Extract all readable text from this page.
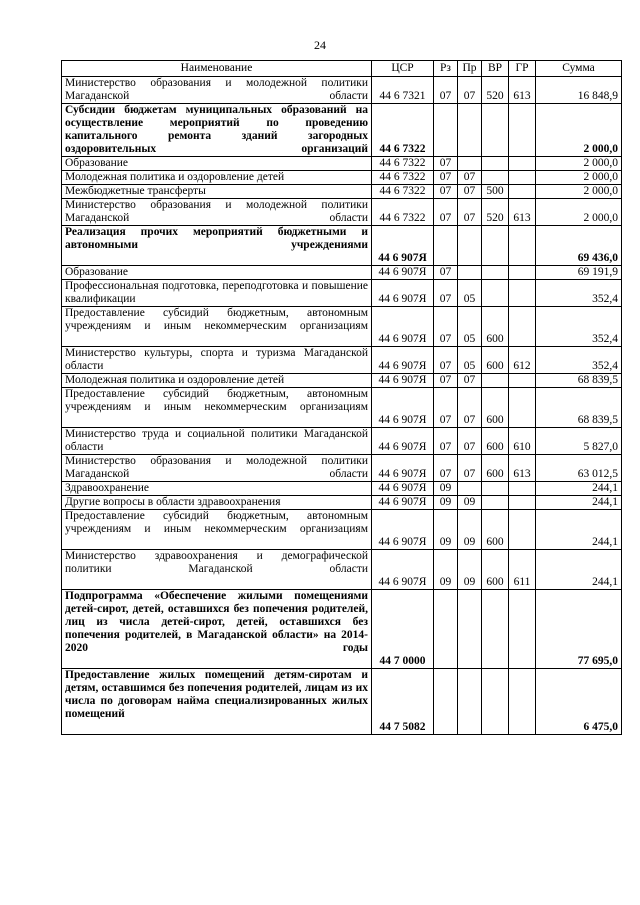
24
Наименование	ЦСР	Рз	Пр	ВР	ГР	Сумма
Министерство образования и молодежной политики Магаданской области	44 6 7321	07	07	520	613	16 848,9
Субсидии бюджетам муниципальных образований на осуществление мероприятий по проведению капитального ремонта зданий загородных оздоровительных организаций	44 6 7322					2 000,0
Образование	44 6 7322	07				2 000,0
Молодежная политика и оздоровление детей	44 6 7322	07	07			2 000,0
Межбюджетные трансферты	44 6 7322	07	07	500		2 000,0
Министерство образования и молодежной политики Магаданской области	44 6 7322	07	07	520	613	2 000,0
Реализация прочих мероприятий бюджетными и автономными учреждениями	44 6 907Я					69 436,0
Образование	44 6 907Я	07				69 191,9
Профессиональная подготовка, переподготовка и повышение квалификации	44 6 907Я	07	05			352,4
Предоставление субсидий бюджетным, автономным учреждениям и иным некоммерческим организациям	44 6 907Я	07	05	600		352,4
Министерство культуры, спорта и туризма Магаданской области	44 6 907Я	07	05	600	612	352,4
Молодежная политика и оздоровление детей	44 6 907Я	07	07			68 839,5
Предоставление субсидий бюджетным, автономным учреждениям и иным некоммерческим организациям	44 6 907Я	07	07	600		68 839,5
Министерство труда и социальной политики Магаданской области	44 6 907Я	07	07	600	610	5 827,0
Министерство образования и молодежной политики Магаданской области	44 6 907Я	07	07	600	613	63 012,5
Здравоохранение	44 6 907Я	09				244,1
Другие вопросы в области здравоохранения	44 6 907Я	09	09			244,1
Предоставление субсидий бюджетным, автономным учреждениям и иным некоммерческим организациям	44 6 907Я	09	09	600		244,1
Министерство здравоохранения и демографической политики Магаданской области	44 6 907Я	09	09	600	611	244,1
Подпрограмма «Обеспечение жилыми помещениями детей-сирот, детей, оставшихся без попечения родителей, лиц из числа детей-сирот, детей, оставшихся без попечения родителей, в Магаданской области» на 2014-2020 годы	44 7 0000					77 695,0
Предоставление жилых помещений детям-сиротам и детям, оставшимся без попечения родителей, лицам из их числа по договорам найма специализированных жилых помещений	44 7 5082					6 475,0
